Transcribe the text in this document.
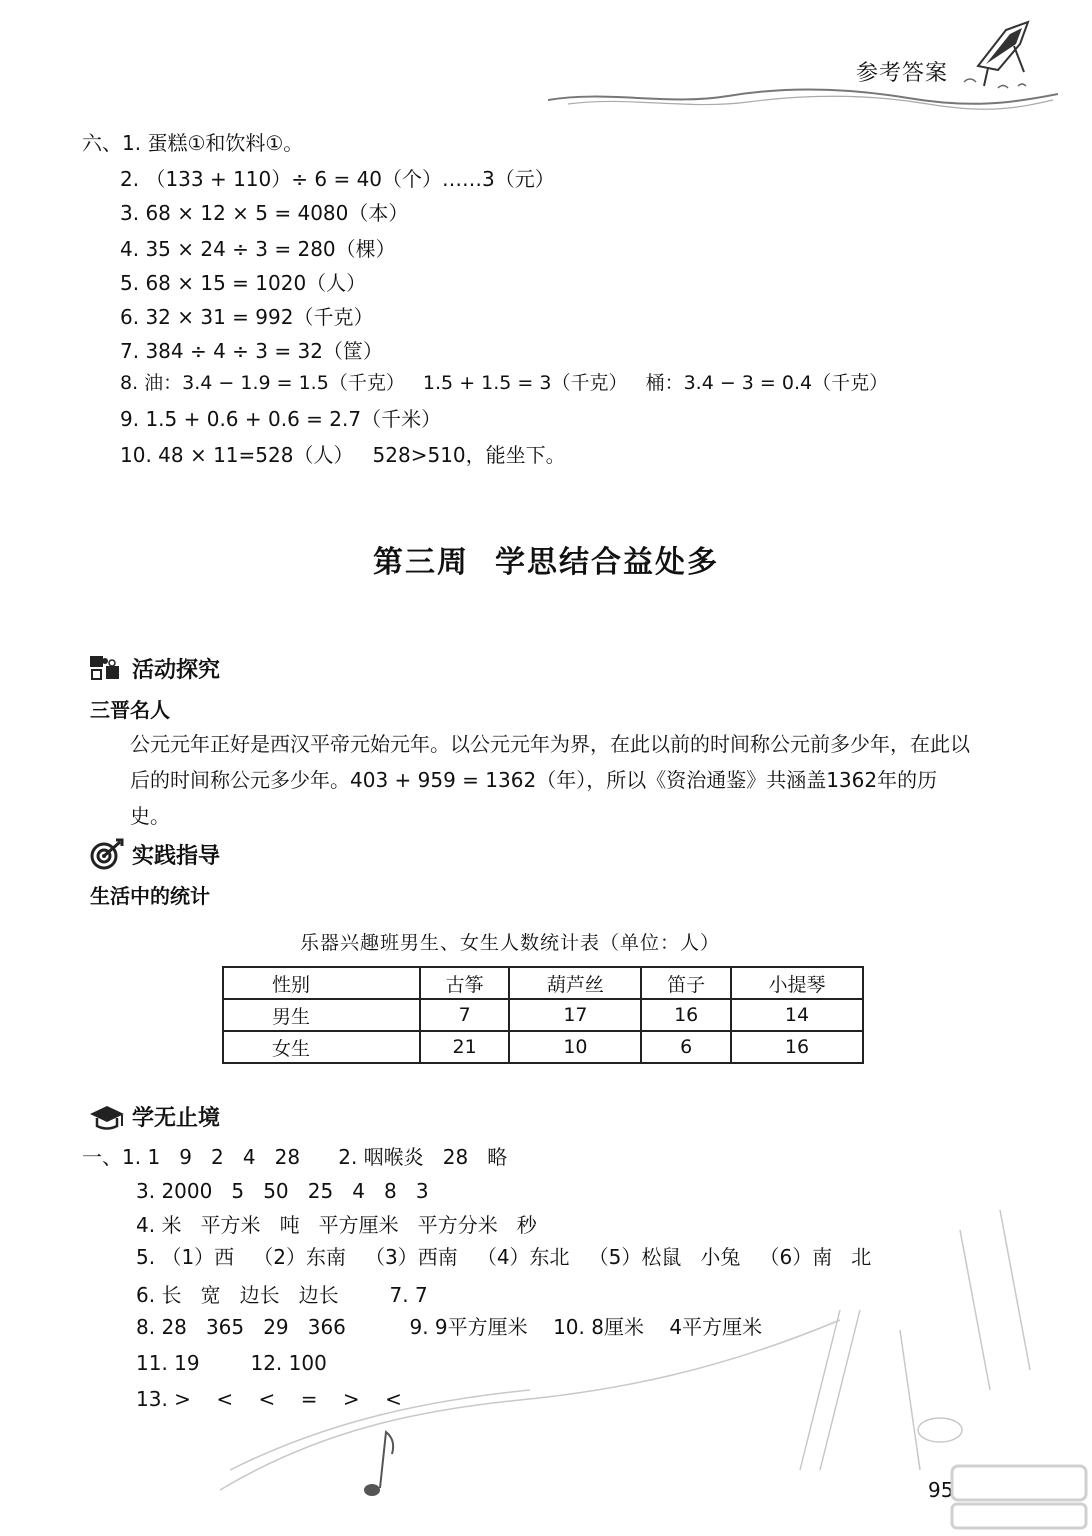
参考答案
六、1. 蛋糕①和饮料①。
2. （133 + 110）÷ 6 = 40（个）……3（元）
3. 68 × 12 × 5 = 4080（本）
4. 35 × 24 ÷ 3 = 280（棵）
5. 68 × 15 = 1020（人）
6. 32 × 31 = 992（千克）
7. 384 ÷ 4 ÷ 3 = 32（筐）
8. 油：3.4 − 1.9 = 1.5（千克）   1.5 + 1.5 = 3（千克）   桶：3.4 − 3 = 0.4（千克）
9. 1.5 + 0.6 + 0.6 = 2.7（千米）
10. 48 × 11=528（人）   528>510，能坐下。
第三周 学思结合益处多
活动探究
三晋名人
公元元年正好是西汉平帝元始元年。以公元元年为界，在此以前的时间称公元前多少年，在此以后的时间称公元多少年。403 + 959 = 1362（年），所以《资治通鉴》共涵盖1362年的历史。
实践指导
生活中的统计
乐器兴趣班男生、女生人数统计表（单位：人）
性别	古筝	葫芦丝	笛子	小提琴
男生	7	17	16	14
女生	21	10	6	16
学无止境
一、1. 1   9   2   4   28      2. 咽喉炎   28   略
3. 2000   5   50   25   4   8   3
4. 米   平方米   吨   平方厘米   平方分米   秒
5. （1）西   （2）东南   （3）西南   （4）东北   （5）松鼠   小兔   （6）南   北
6. 长   宽   边长   边长        7. 7
8. 28   365   29   366          9. 9平方厘米    10. 8厘米    4平方厘米
11. 19        12. 100
13. >    <    <    =    >    <
95
